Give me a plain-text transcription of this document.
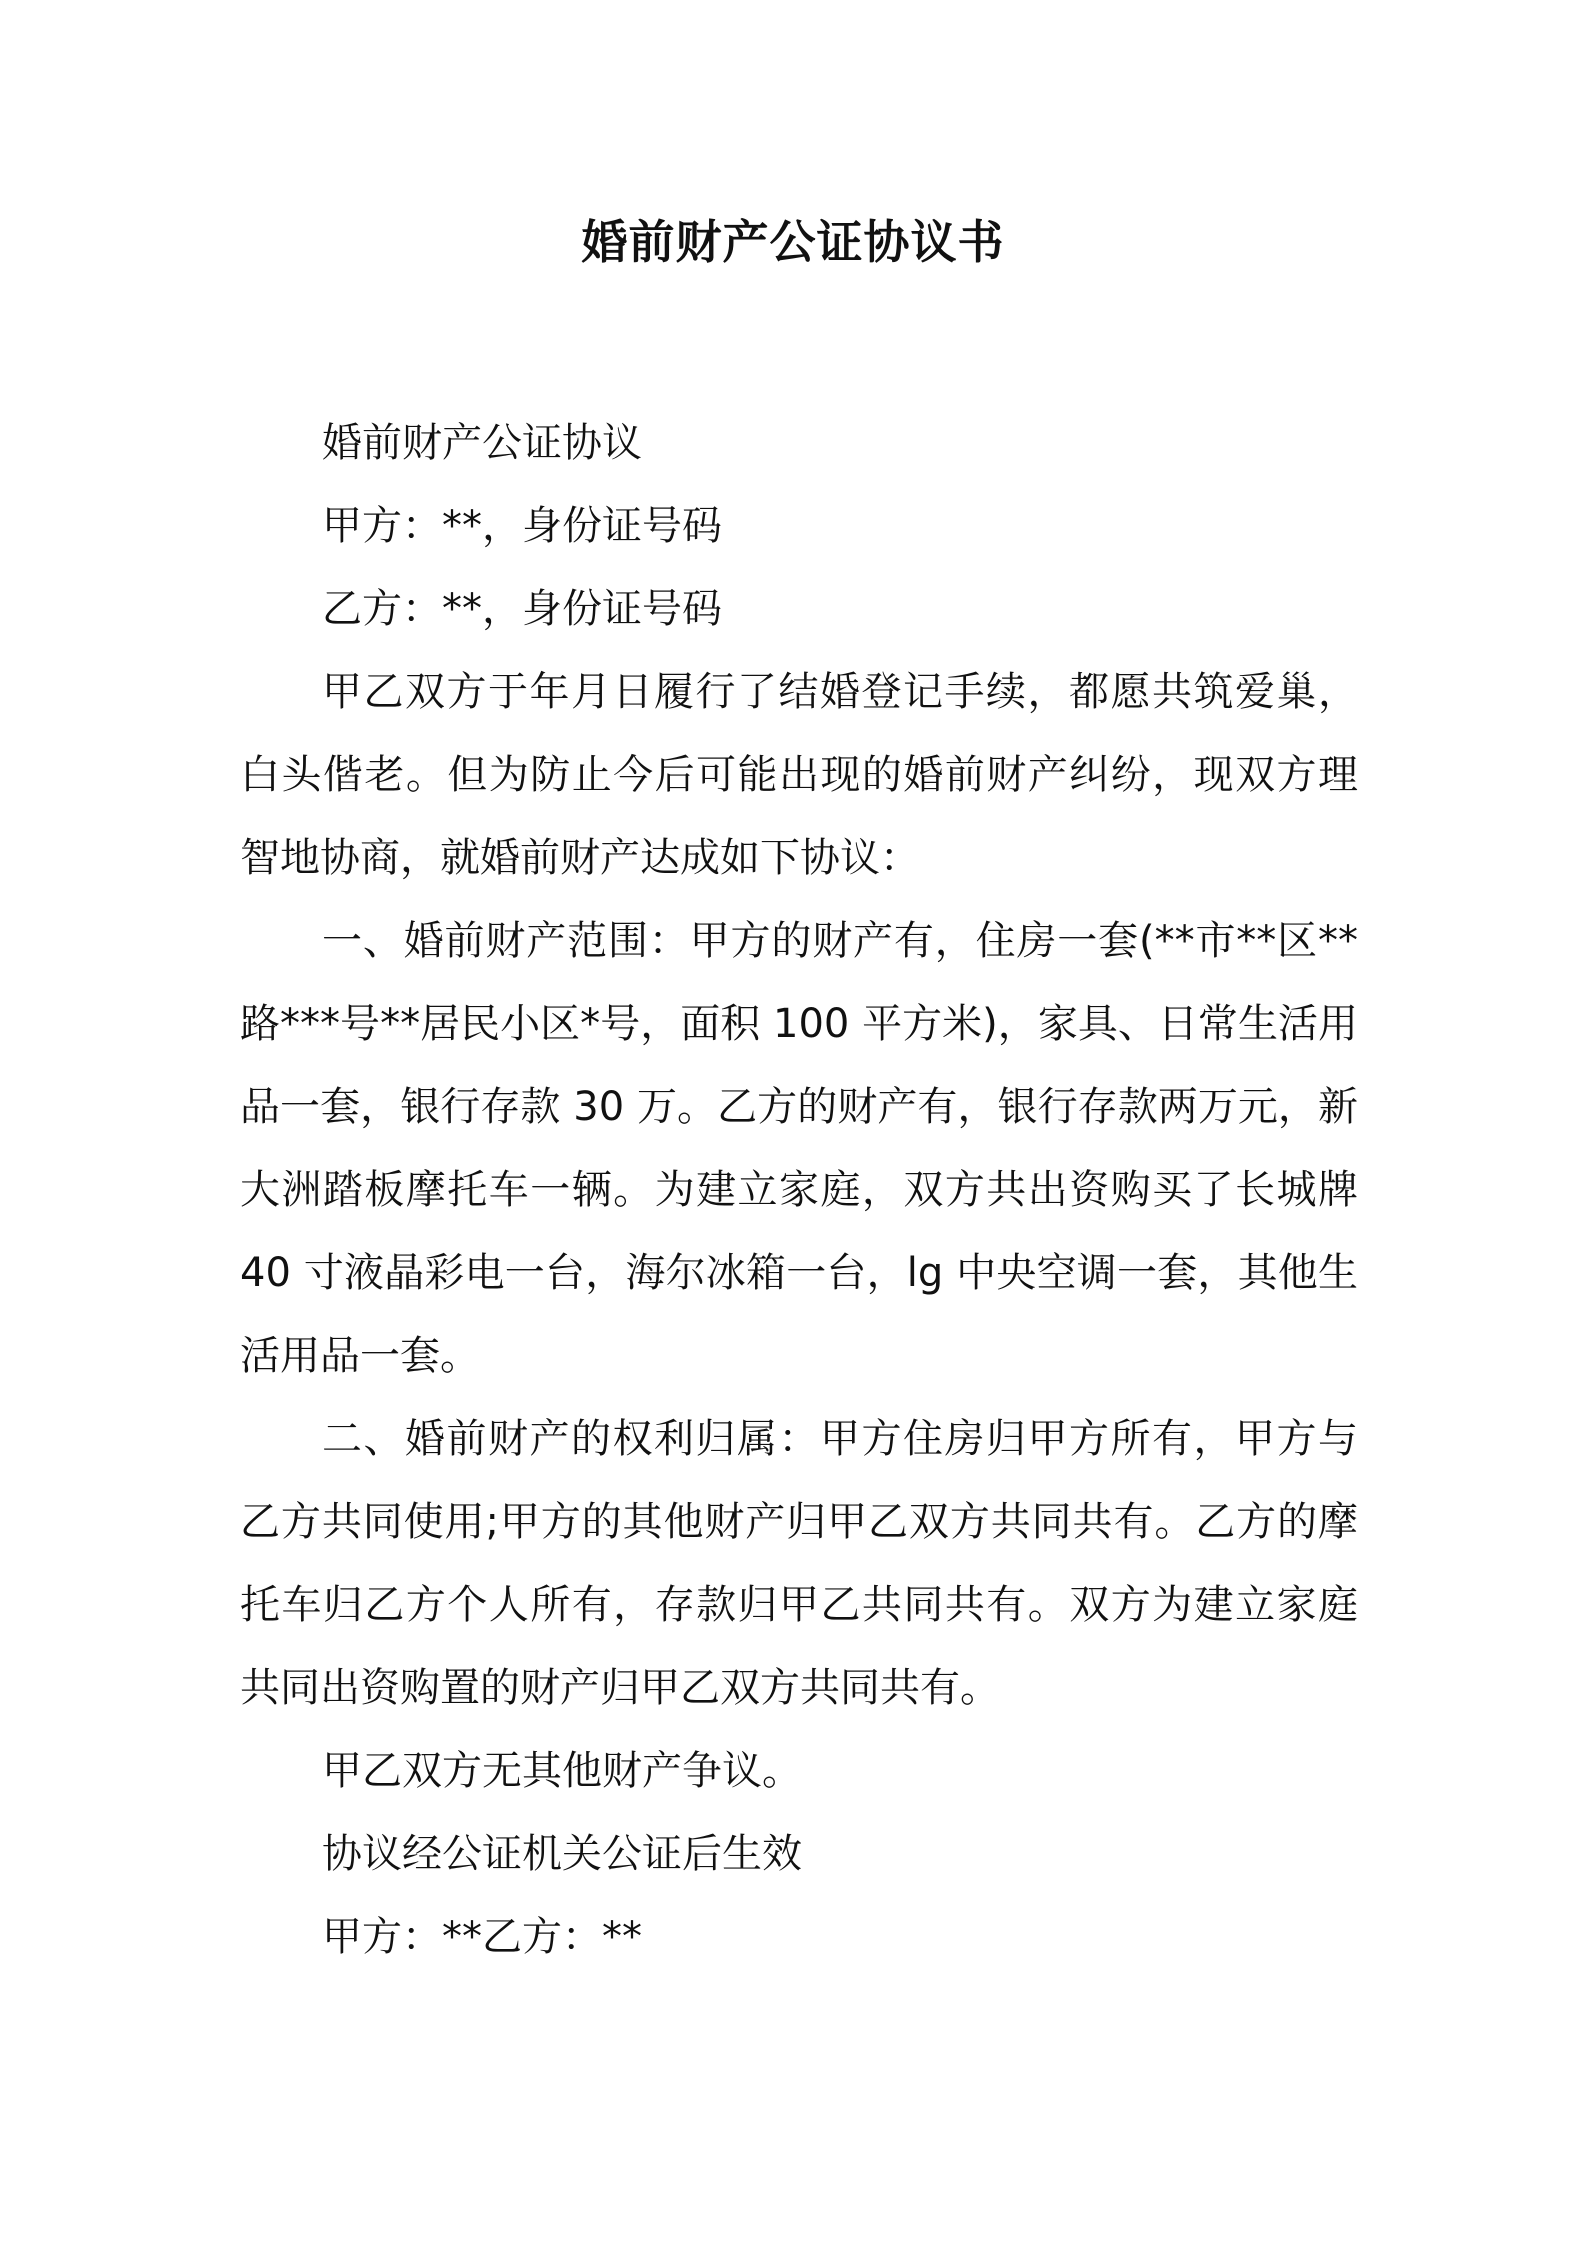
婚前财产公证协议书

婚前财产公证协议

甲方：**，身份证号码

乙方：**，身份证号码

甲乙双方于年月日履行了结婚登记手续，都愿共筑爱巢，白头偕老。但为防止今后可能出现的婚前财产纠纷，现双方理智地协商，就婚前财产达成如下协议：

一、婚前财产范围：甲方的财产有，住房一套(**市**区**路***号**居民小区*号，面积 100 平方米)，家具、日常生活用品一套，银行存款 30 万。乙方的财产有，银行存款两万元，新大洲踏板摩托车一辆。为建立家庭，双方共出资购买了长城牌 40 寸液晶彩电一台，海尔冰箱一台，lg 中央空调一套，其他生活用品一套。

二、婚前财产的权利归属：甲方住房归甲方所有，甲方与乙方共同使用;甲方的其他财产归甲乙双方共同共有。乙方的摩托车归乙方个人所有，存款归甲乙共同共有。双方为建立家庭共同出资购置的财产归甲乙双方共同共有。

甲乙双方无其他财产争议。

协议经公证机关公证后生效

甲方：**乙方：**
